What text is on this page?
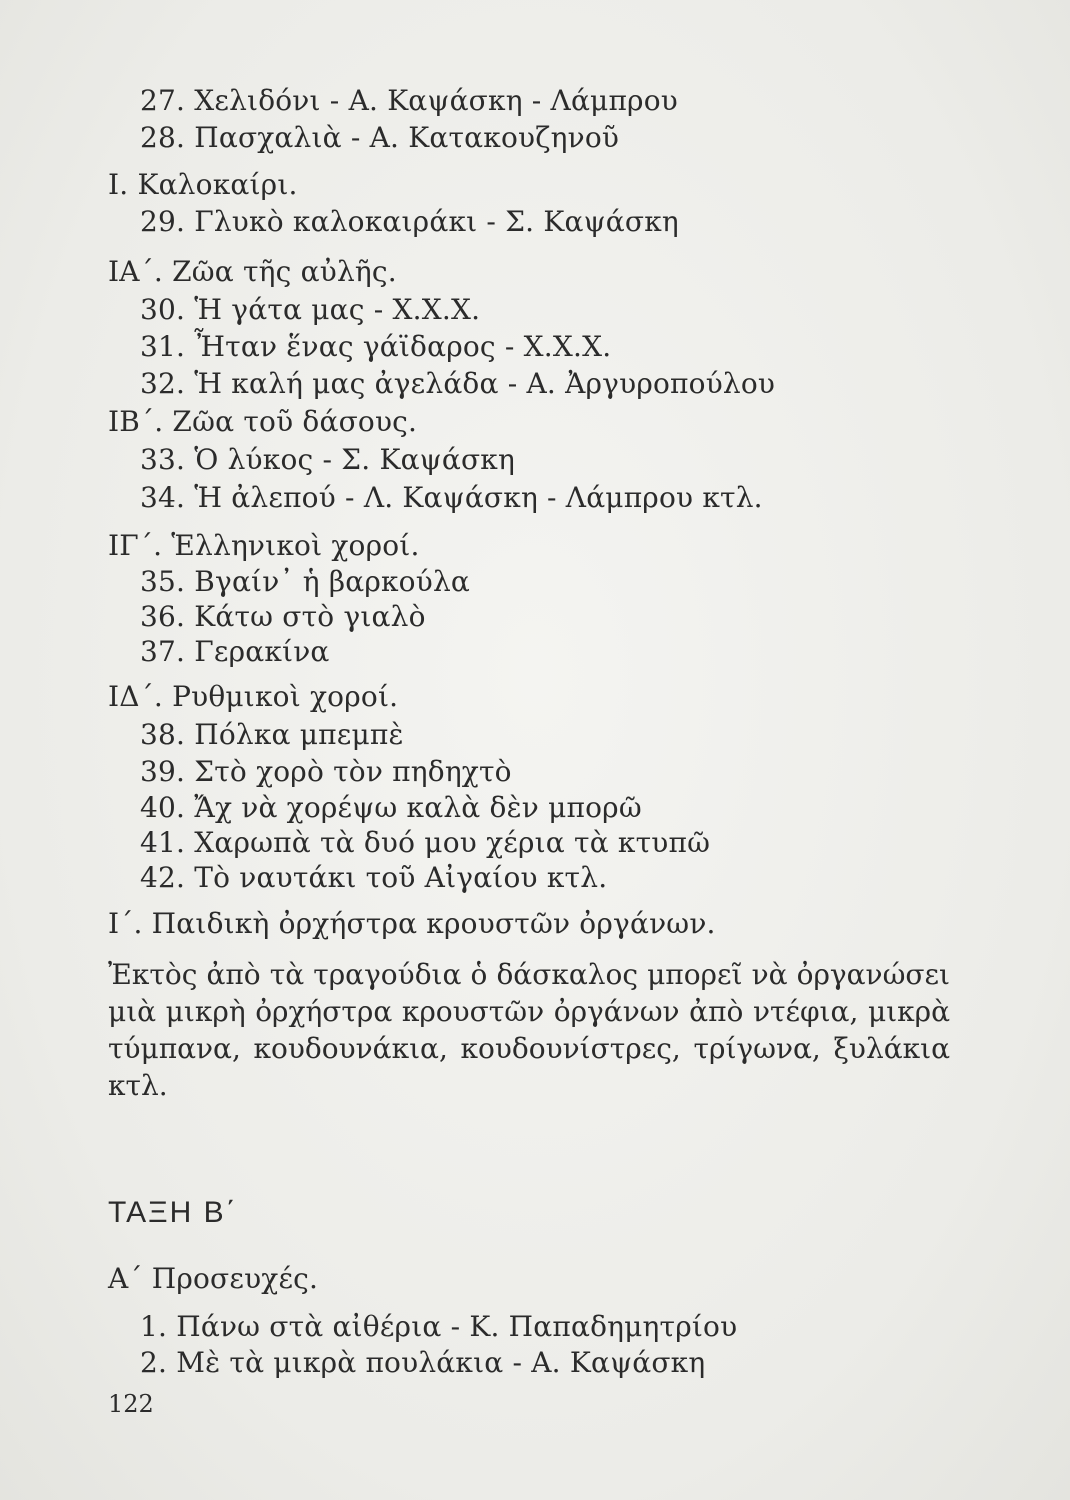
27. Χελιδόνι - Α. Καψάσκη - Λάμπρου
28. Πασχαλιὰ - Α. Κατακουζηνοῦ
I. Καλοκαίρι.
29. Γλυκὸ καλοκαιράκι - Σ. Καψάσκη
ΙΑ΄. Ζῶα τῆς αὐλῆς.
30. Ἡ γάτα μας - Χ.Χ.Χ.
31. Ἦταν ἕνας γάϊδαρος - Χ.Χ.Χ.
32. Ἡ καλή μας ἀγελάδα - Α. Ἀργυροπούλου
ΙΒ΄. Ζῶα τοῦ δάσους.
33. Ὁ λύκος - Σ. Καψάσκη
34. Ἡ ἀλεπού - Λ. Καψάσκη - Λάμπρου κτλ.
ΙΓ΄. Ἑλληνικοὶ χοροί.
35. Βγαίν᾿ ἡ βαρκούλα
36. Κάτω στὸ γιαλὸ
37. Γερακίνα
ΙΔ΄. Ρυθμικοὶ χοροί.
38. Πόλκα μπεμπὲ
39. Στὸ χορὸ τὸν πηδηχτὸ
40. Ἄχ νὰ χορέψω καλὰ δὲν μπορῶ
41. Χαρωπὰ τὰ δυό μου χέρια τὰ κτυπῶ
42. Τὸ ναυτάκι τοῦ Αἰγαίου κτλ.
Ι΄. Παιδικὴ ὀρχήστρα κρουστῶν ὀργάνων.
Ἐκτὸς ἀπὸ τὰ τραγούδια ὁ δάσκαλος μπορεῖ νὰ ὀργανώσει μιὰ μικρὴ ὀρχήστρα κρουστῶν ὀργάνων ἀπὸ ντέφια, μικρὰ τύμπανα, κουδουνάκια, κουδουνίστρες, τρίγωνα, ξυλάκια κτλ.
ΤΑΞΗ Β΄
Α΄ Προσευχές.
1. Πάνω στὰ αἰθέρια - Κ. Παπαδημητρίου
2. Μὲ τὰ μικρὰ πουλάκια - Α. Καψάσκη
122
